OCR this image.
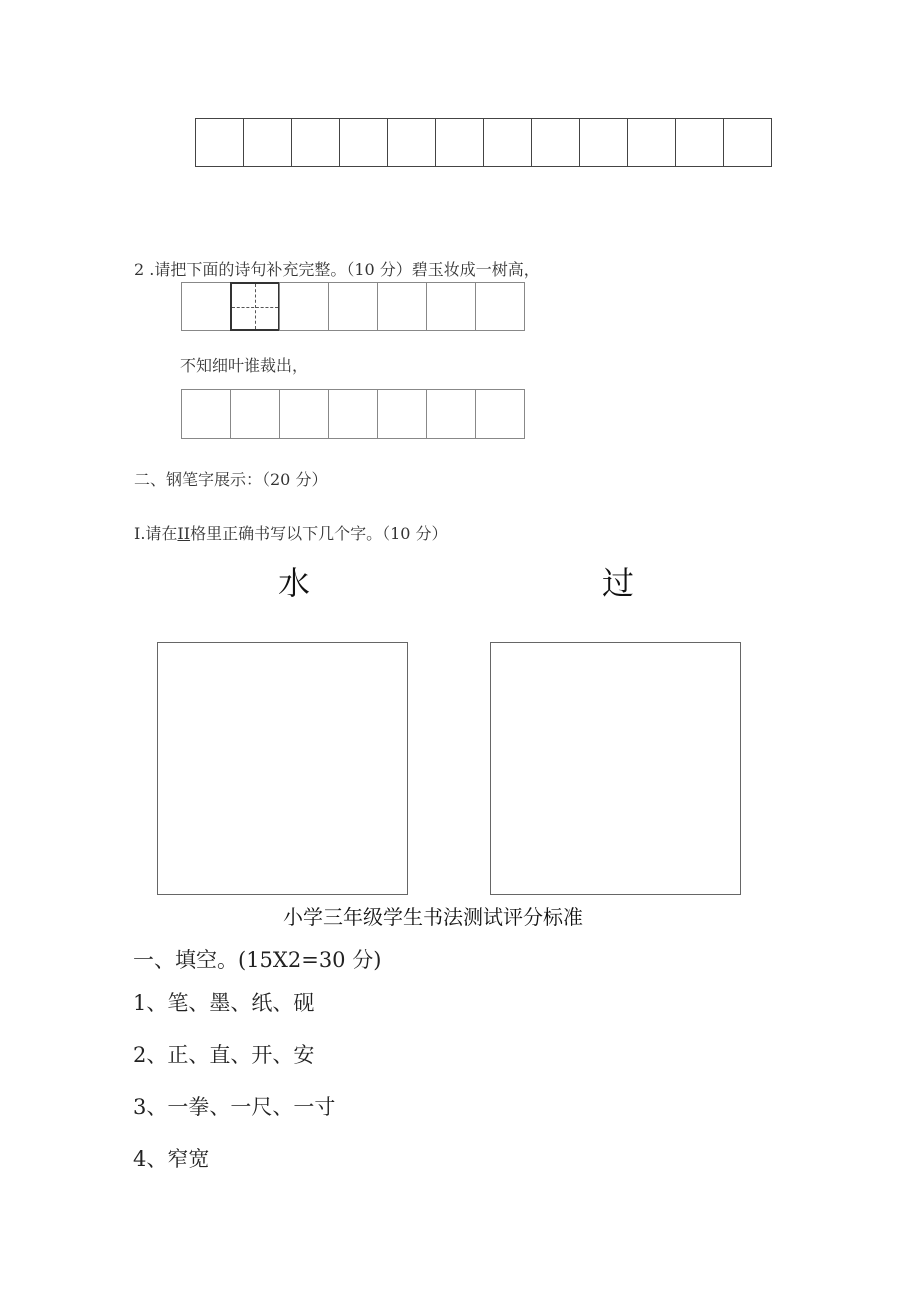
2 .请把下面的诗句补充完整。（10 分）碧玉妆成一树高，
不知细叶谁裁出，
二、钢笔字展示：（20 分）
I.请在II格里正确书写以下几个字。（10 分）
水	过
小学三年级学生书法测试评分标准
一、填空。(15X2=30 分)
1、笔、墨、纸、砚
2、正、直、开、安
3、一拳、一尺、一寸
4、窄宽
